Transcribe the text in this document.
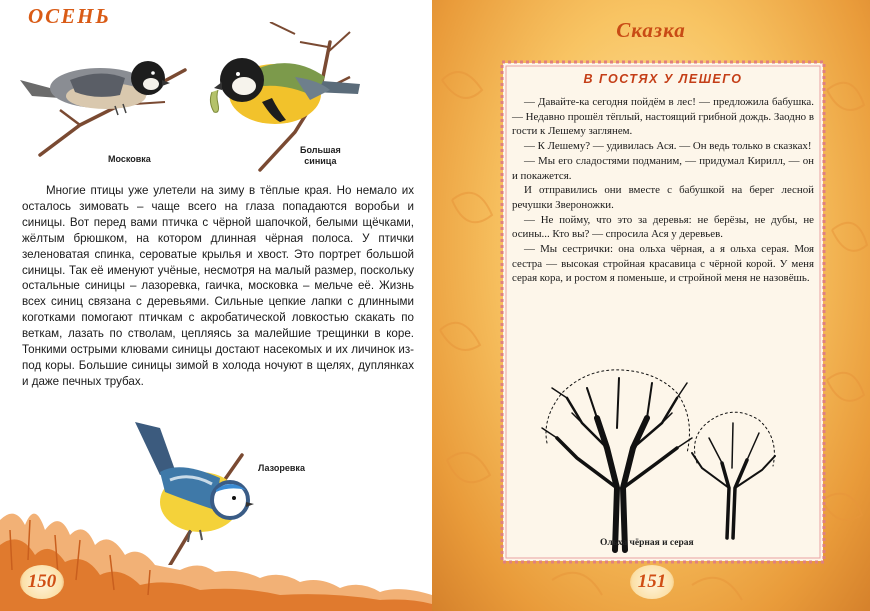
ОСЕНЬ
Московка
Большая
синица

Многие птицы уже улетели на зиму в тёплые края. Но немало их осталось зимовать – чаще всего на глаза попадаются воробьи и синицы. Вот перед вами птичка с чёрной шапочкой, белыми щёчками, жёлтым брюшком, на котором длинная чёрная полоса. У птички зеленоватая спинка, сероватые крылья и хвост. Это портрет большой синицы. Так её именуют учёные, несмотря на малый размер, поскольку остальные синицы – лазоревка, гаичка, московка – мельче её. Жизнь всех синиц связана с деревьями. Сильные цепкие лапки с длинными коготками помогают птичкам с акробатической ловкостью скакать по веткам, лазать по стволам, цепляясь за малейшие трещинки в коре. Тонкими острыми клювами синицы достают насекомых и их личинок из-под коры. Большие синицы зимой в холода ночуют в щелях, дуплянках и даже печных трубах.

Лазоревка
150
Сказка
В ГОСТЯХ У ЛЕШЕГО

— Давайте-ка сегодня пойдём в лес! — предложила бабушка. — Недавно прошёл тёплый, настоящий грибной дождь. Заодно в гости к Лешему заглянем.

— К Лешему? — удивилась Ася. — Он ведь только в сказках!

— Мы его сладостями подманим, — придумал Кирилл, — он и покажется.

И отправились они вместе с бабушкой на берег лесной речушки Звероножки.

— Не пойму, что это за деревья: не берёзы, не дубы, не осины... Кто вы? — спросила Ася у деревьев.

— Мы сестрички: она ольха чёрная, а я ольха серая. Моя сестра — высокая стройная красавица с чёрной корой. У меня серая кора, и ростом я поменьше, и стройной меня не назовёшь.

Ольха чёрная и серая
151
